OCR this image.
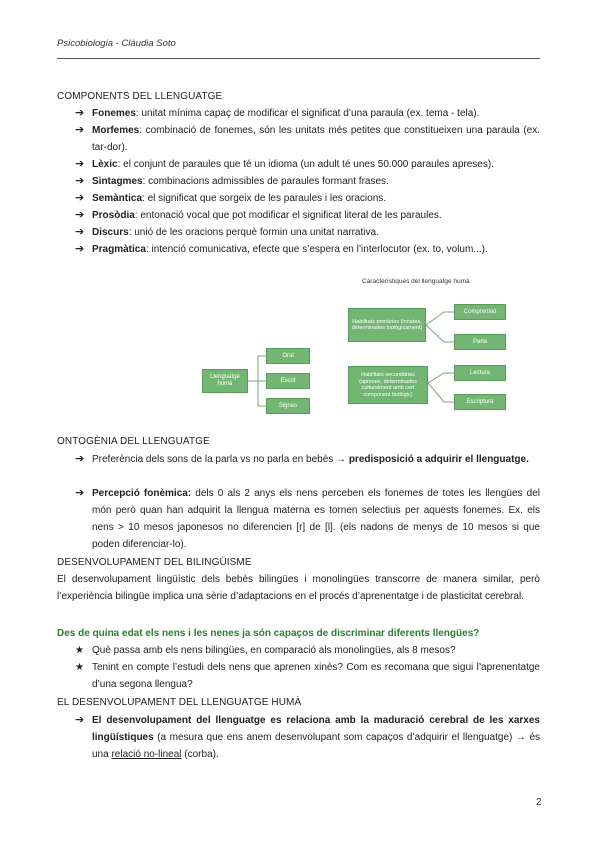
Psicobiologia - Clàudia Soto
COMPONENTS DEL LLENGUATGE
➔ Fonemes: unitat mínima capaç de modificar el significat d’una paraula (ex. tema - tela).
➔ Morfemes: combinació de fonemes, són les unitats més petites que constitueixen una paraula (ex. tar-dor).
➔ Lèxic: el conjunt de paraules que té un idioma (un adult té unes 50.000 paraules apreses).
➔ Sintagmes: combinacions admissibles de paraules formant frases.
➔ Semàntica: el significat que sorgeix de les paraules i les oracions.
➔ Prosòdia: entonació vocal que pot modificar el significat literal de les paraules.
➔ Discurs: unió de les oracions perquè formin una unitat narrativa.
➔ Pragmàtica: intenció comunicativa, efecte que s’espera en l’interlocutor (ex. to, volum...).
Característiques del llenguatge humà
Llenguatge humà
Oral
Escrit
Signes
Habilitats primàries (innates, determinades biològicament)
Habilitats secundàries (apreses, determinades culturalment amb cert component biològic)
Comprensió
Parla
Lectura
Escriptura
ONTOGÈNIA DEL LLENGUATGE
➔ Preferència dels sons de la parla vs no parla en bebès → predisposició a adquirir el llenguatge.
➔ Percepció fonèmica: dels 0 als 2 anys els nens perceben els fonemes de totes les llengües del món però quan han adquirit la llengua materna es tornen selectius per aquests fonemes. Ex. els nens > 10 mesos japonesos no diferencien [r] de [l]. (els nadons de menys de 10 mesos si que poden diferenciar-lo).
DESENVOLUPAMENT DEL BILINGÜISME
El desenvolupament lingüístic dels bebès bilingües i monolingües transcorre de manera similar, però l’experiència bilingüe implica una sèrie d’adaptacions en el procés d’aprenentatge i de plasticitat cerebral.
Des de quina edat els nens i les nenes ja són capaços de discriminar diferents llengües?
★ Què passa amb els nens bilingües, en comparació als monolingües, als 8 mesos?
★ Tenint en compte l’estudi dels nens que aprenen xinès? Com es recomana que sigui l’aprenentatge d’una segona llengua?
EL DESENVOLUPAMENT DEL LLENGUATGE HUMÀ
➔ El desenvolupament del llenguatge es relaciona amb la maduració cerebral de les xarxes lingüístiques (a mesura que ens anem desenvolupant som capaços d’adquirir el llenguatge) → és una relació no-lineal (corba).
2
